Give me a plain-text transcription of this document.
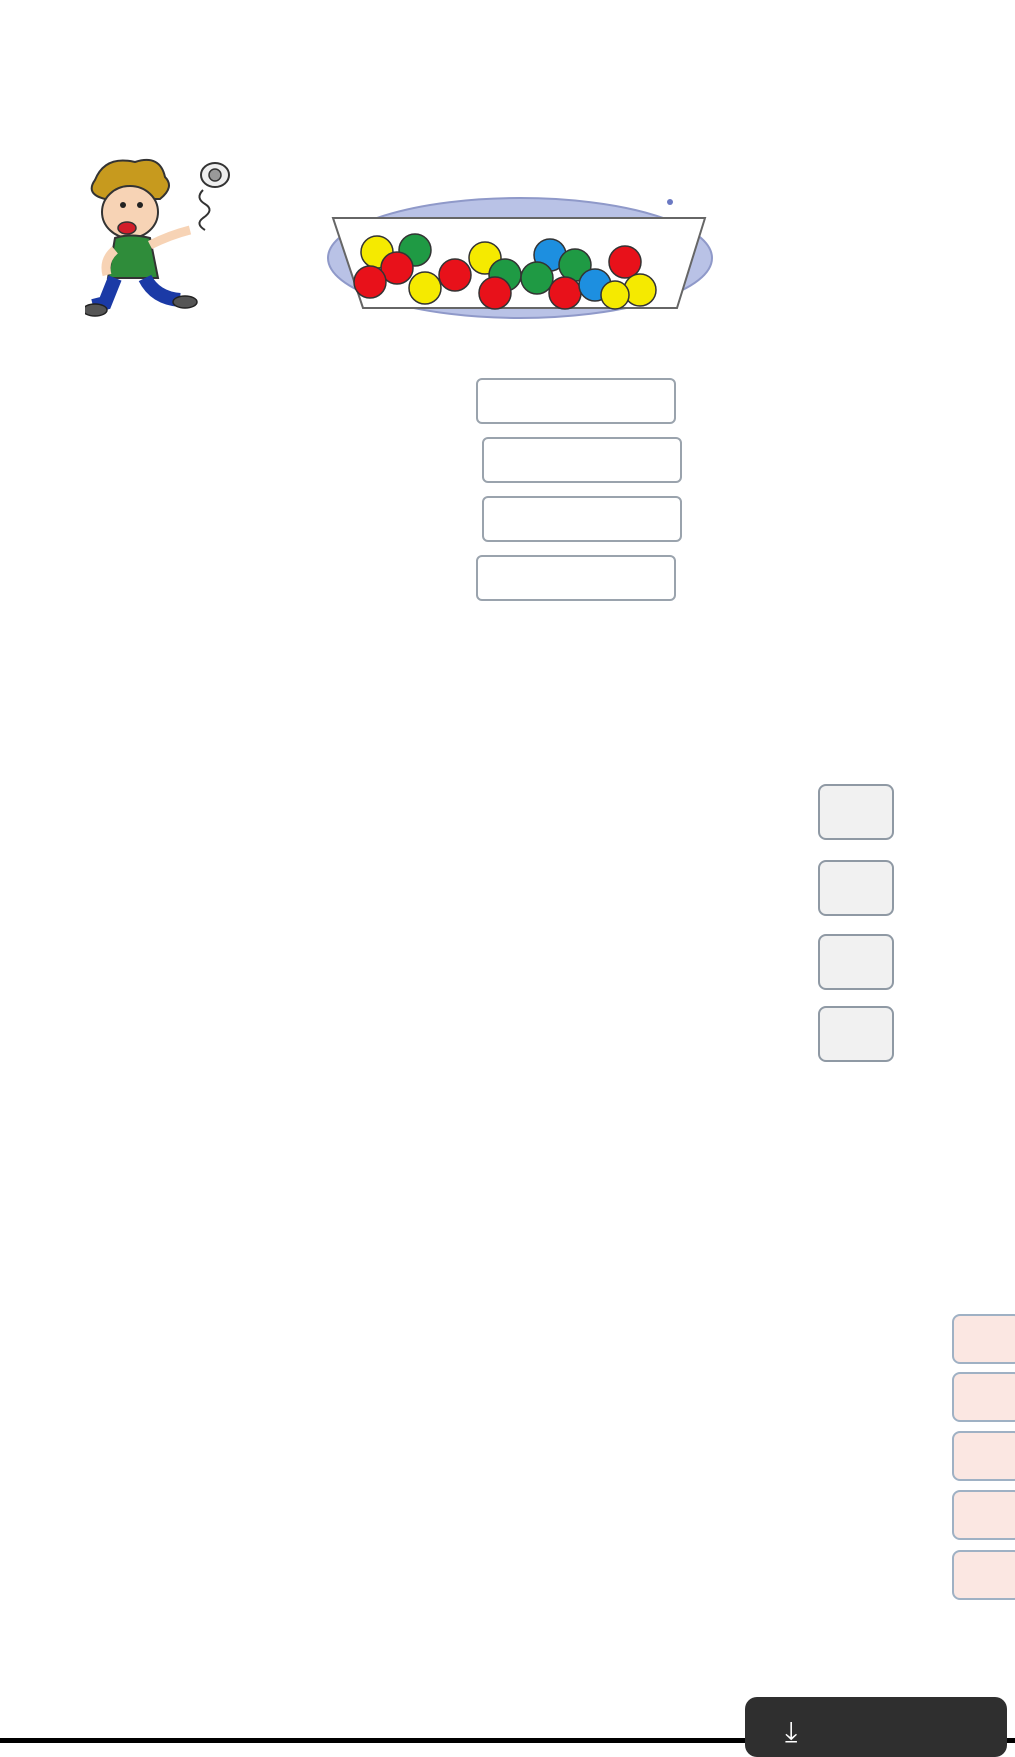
⤓
